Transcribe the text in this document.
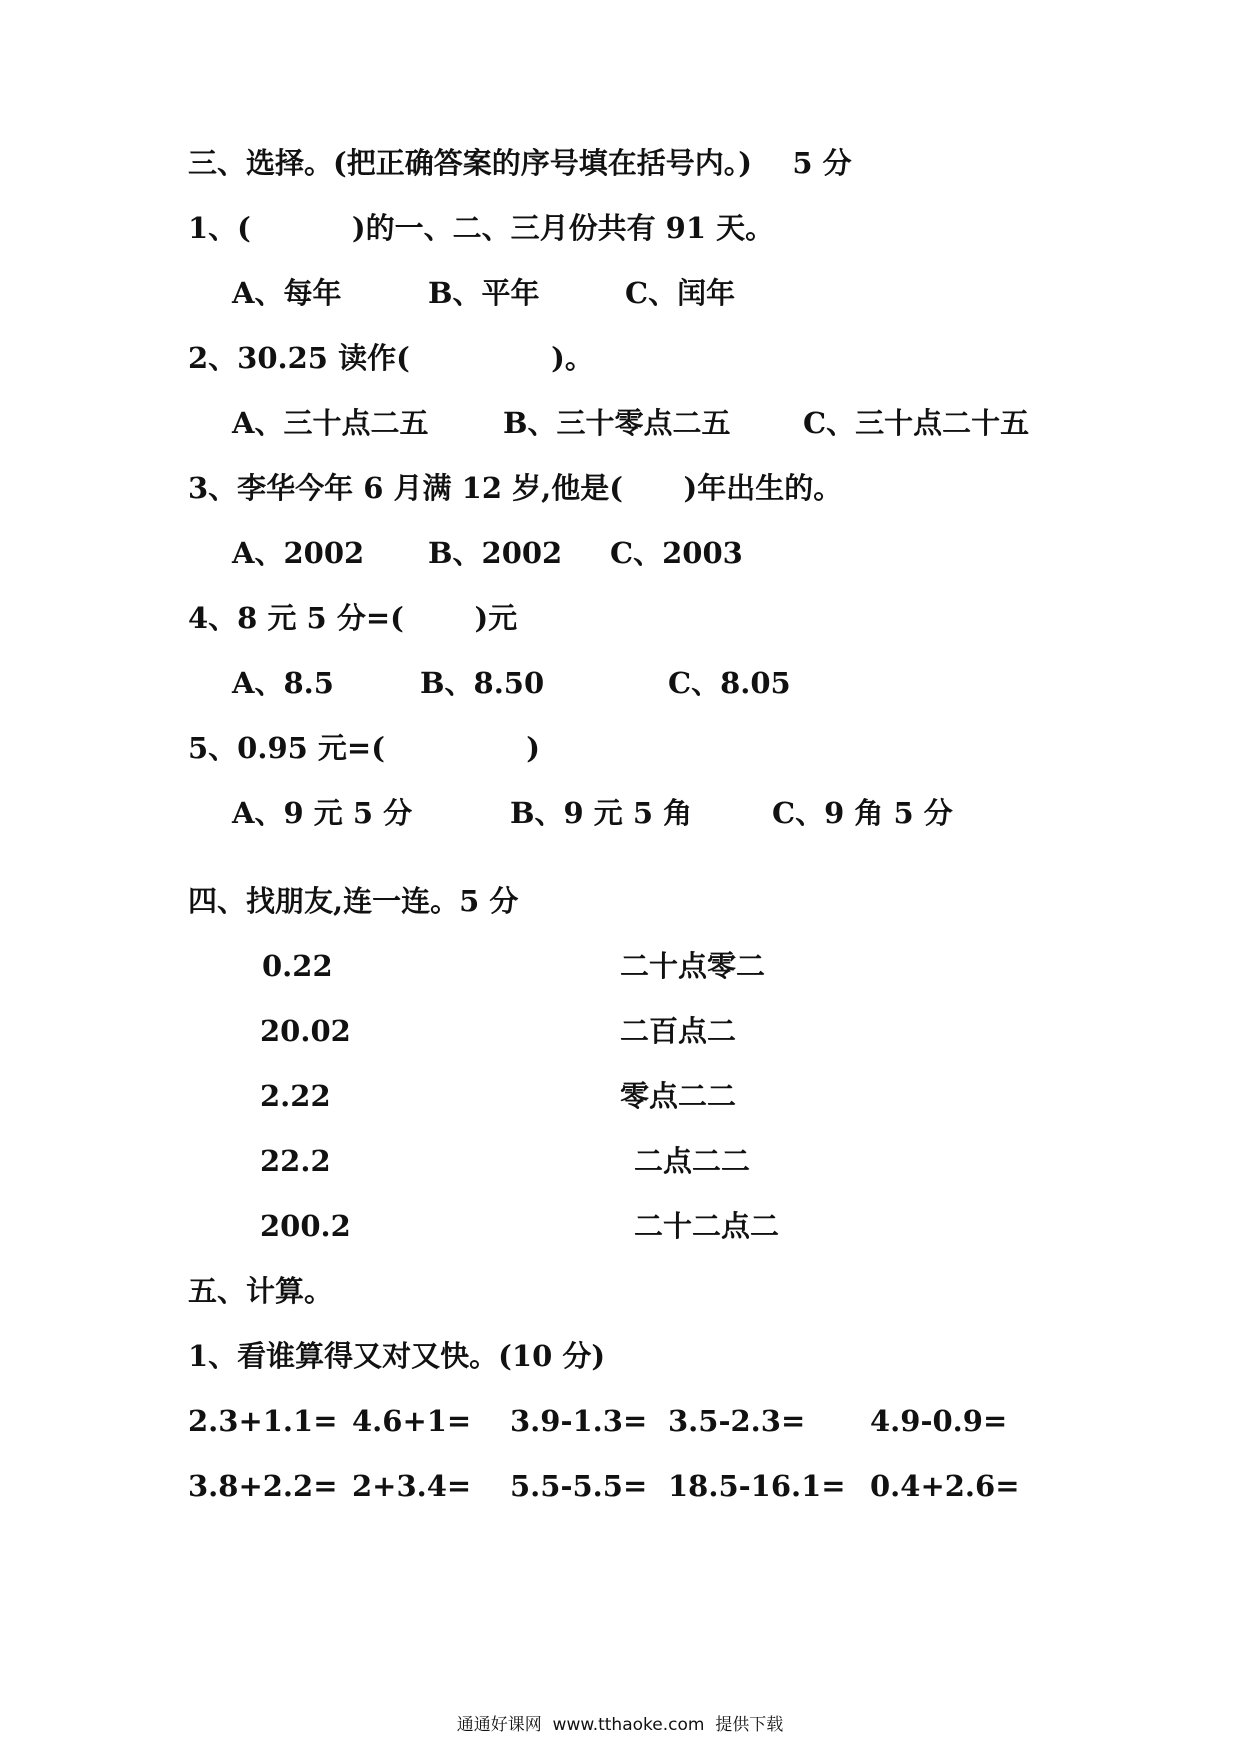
三、选择。(把正确答案的序号填在括号内。)    5 分
1、(          )的一、二、三月份共有 91 天。
A、每年	B、平年	C、闰年
2、30.25 读作(              )。
A、三十点二五	B、三十零点二五 C、三十点二十五
3、李华今年 6 月满 12 岁,他是(      )年出生的。
A、2002 B、2002 C、2003
4、8 元 5 分=(       )元
A、8.5	B、8.50	C、8.05
5、0.95 元=(              )
A、9 元 5 分	B、9 元 5 角	C、9 角 5 分
四、找朋友,连一连。5 分
0.22	二十点零二
20.02	二百点二
2.22	零点二二
22.2	二点二二
200.2	二十二点二
五、计算。
1、看谁算得又对又快。(10 分)
2.3+1.1= 4.6+1= 3.9-1.3= 3.5-2.3= 4.9-0.9=
3.8+2.2= 2+3.4= 5.5-5.5= 18.5-16.1= 0.4+2.6=
通通好课网  www.tthaoke.com  提供下载
